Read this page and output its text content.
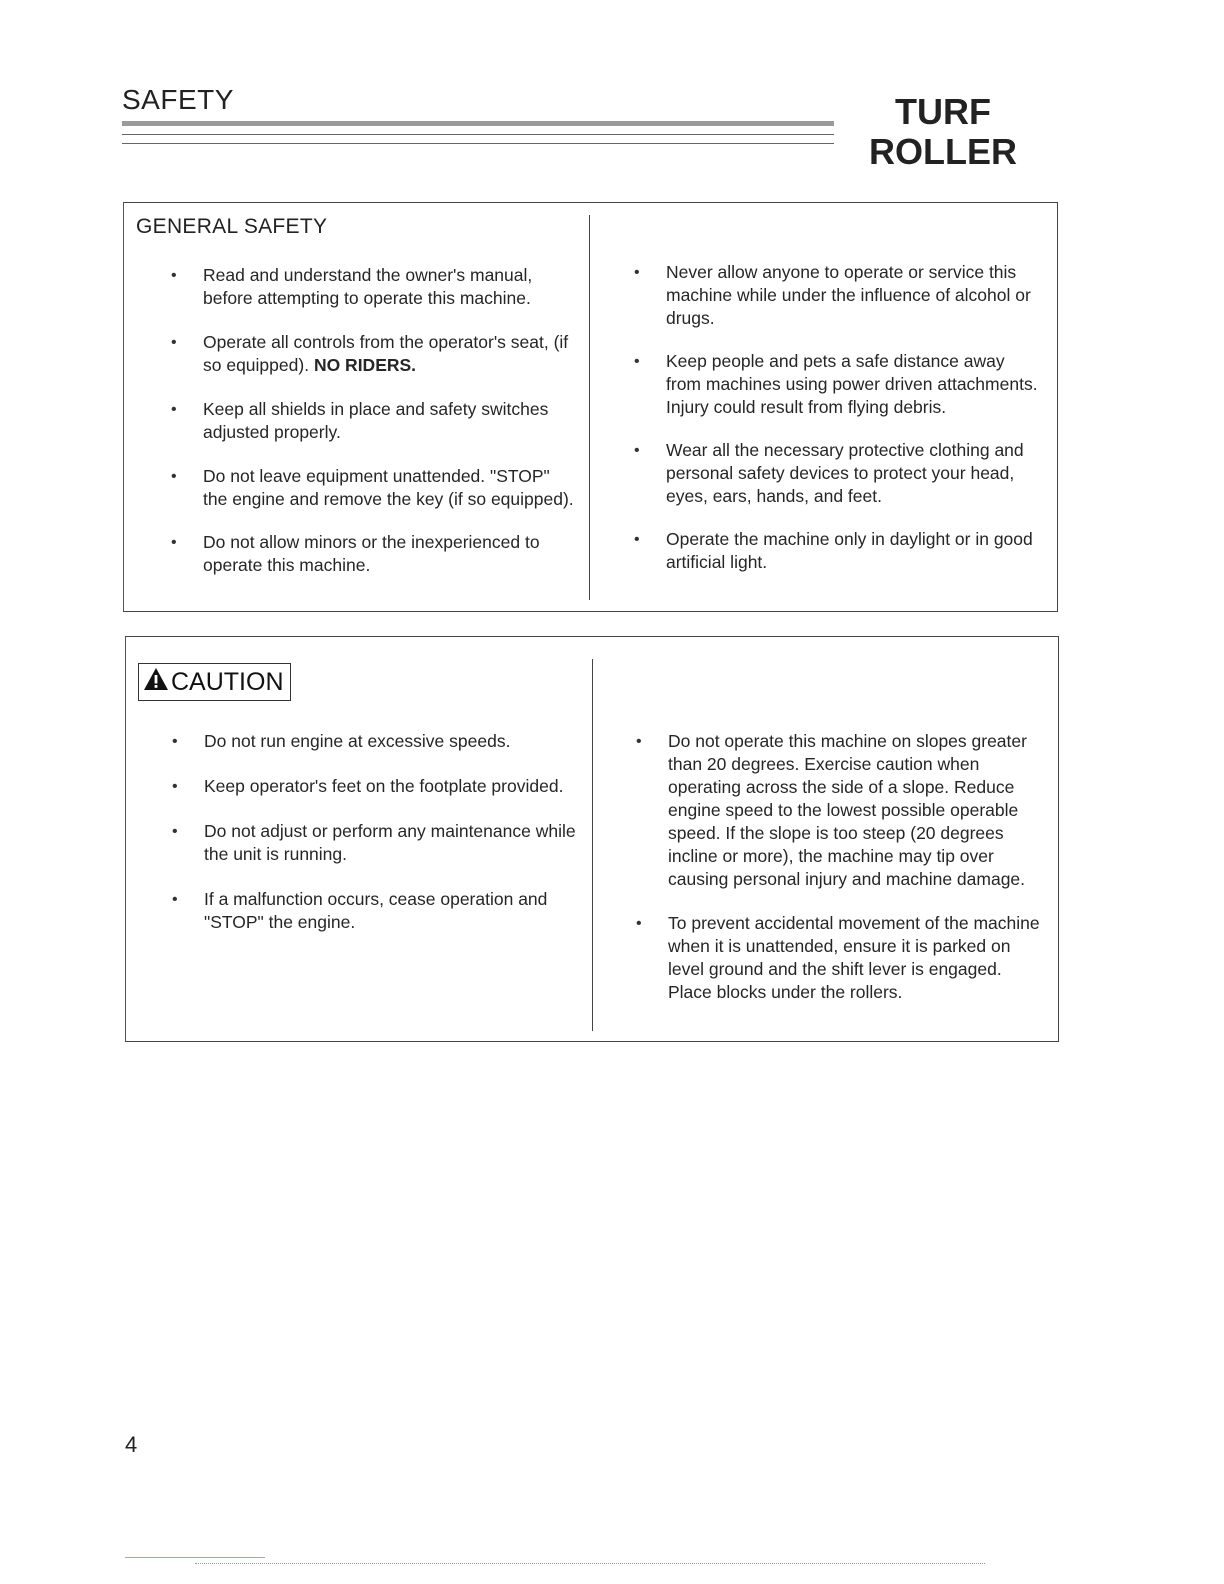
SAFETY	TURF
ROLLER
GENERAL SAFETY
• Read and understand the owner's manual, before attempting to operate this machine.
• Operate all controls from the operator's seat, (if so equipped). NO RIDERS.
• Keep all shields in place and safety switches adjusted properly.
• Do not leave equipment unattended. "STOP" the engine and remove the key (if so equipped).
• Do not allow minors or the inexperienced to operate this machine.
• Never allow anyone to operate or service this machine while under the influence of alcohol or drugs.
• Keep people and pets a safe distance away from machines using power driven attachments. Injury could result from flying debris.
• Wear all the necessary protective clothing and personal safety devices to protect your head, eyes, ears, hands, and feet.
• Operate the machine only in daylight or in good artificial light.
CAUTION
• Do not run engine at excessive speeds.
• Keep operator's feet on the footplate provided.
• Do not adjust or perform any maintenance while the unit is running.
• If a malfunction occurs, cease operation and "STOP" the engine.
• Do not operate this machine on slopes greater than 20 degrees. Exercise caution when operating across the side of a slope. Reduce engine speed to the lowest possible operable speed. If the slope is too steep (20 degrees incline or more), the machine may tip over causing personal injury and machine damage.
• To prevent accidental movement of the machine when it is unattended, ensure it is parked on level ground and the shift lever is engaged. Place blocks under the rollers.
4
